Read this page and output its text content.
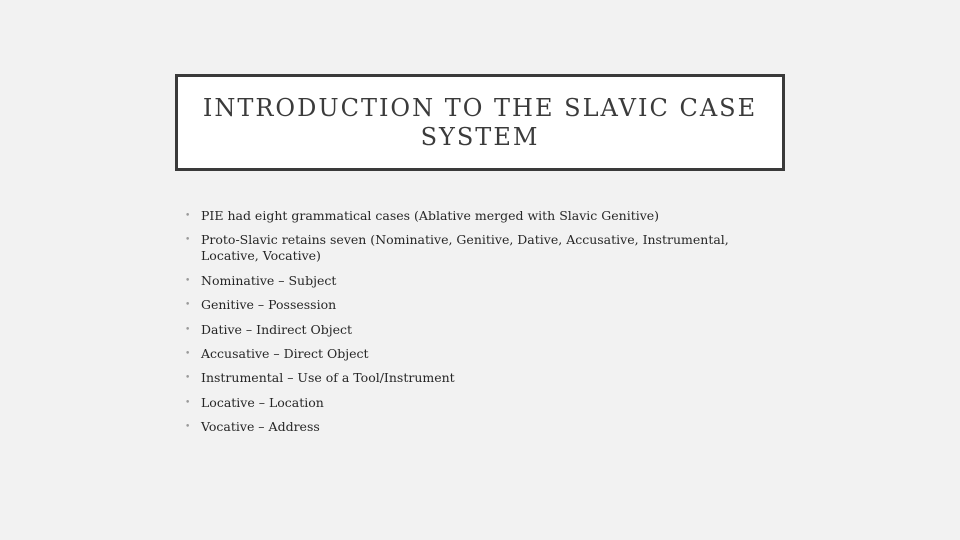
INTRODUCTION TO THE SLAVIC CASE SYSTEM
• PIE had eight grammatical cases (Ablative merged with Slavic Genitive)
• Proto-Slavic retains seven (Nominative, Genitive, Dative, Accusative, Instrumental, Locative, Vocative)
• Nominative – Subject
• Genitive – Possession
• Dative – Indirect Object
• Accusative – Direct Object
• Instrumental – Use of a Tool/Instrument
• Locative – Location
• Vocative – Address
